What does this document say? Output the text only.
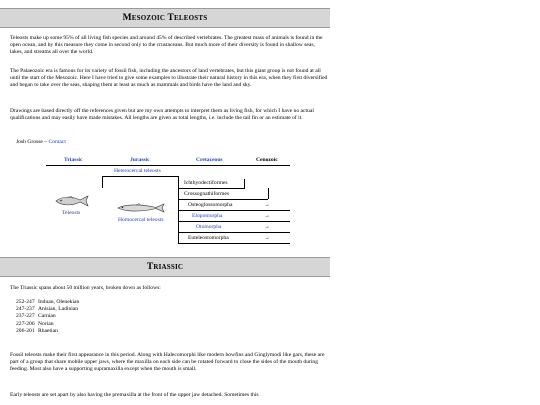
Mesozoic Teleosts

Teleosts make up some 95% of all living fish species and around 45% of described vertebrates. The greatest mass of animals is found in the open ocean, and by this measure they come in second only to the crustaceans. But much more of their diversity is found in shallow seas, lakes, and streams all over the world.

The Palaeozoic era is famous for its variety of fossil fish, including the ancestors of land vertebrates, but this giant group is not found at all until the start of the Mesozoic. Here I have tried to give some examples to illustrate their natural history in this era, when they first diversified and began to take over the seas, shaping them at least as much as mammals and birds have the land and sky.

Drawings are based directly off the references given but are my own attempts to interpret them as living fish, for which I have no actual qualifications and may easily have made mistakes. All lengths are given as total lengths, i.e. include the tail fin or an estimate of it.

Josh Grosse – Contact

Triassic	Jurassic	Cretaceous	Cenozoic
Heterocercal teleosts
Ichthyodectiformes
Crossognathiformes
Osteoglossomorpha	→
Elopomorpha	→
Otomorpha	→
Euteleostomorpha	→
Teleosts
Homocercal teleosts
Triassic

The Triassic spans about 50 million years, broken down as follows:

252-247 Induan, Olenekian
247-237 Anisian, Ladinian
237-227 Carnian
227-206 Norian
206-201 Rhaetian

Fossil teleosts make their first appearance in this period. Along with Halecomorphi like modern bowfins and Ginglymodi like gars, these are part of a group that share mobile upper jaws, where the maxilla on each side can be rotated forward to close the sides of the mouth during feeding. Most also have a supporting supramaxilla except when the mouth is small.

Early teleosts are set apart by also having the premaxilla at the front of the upper jaw detached. Sometimes this
